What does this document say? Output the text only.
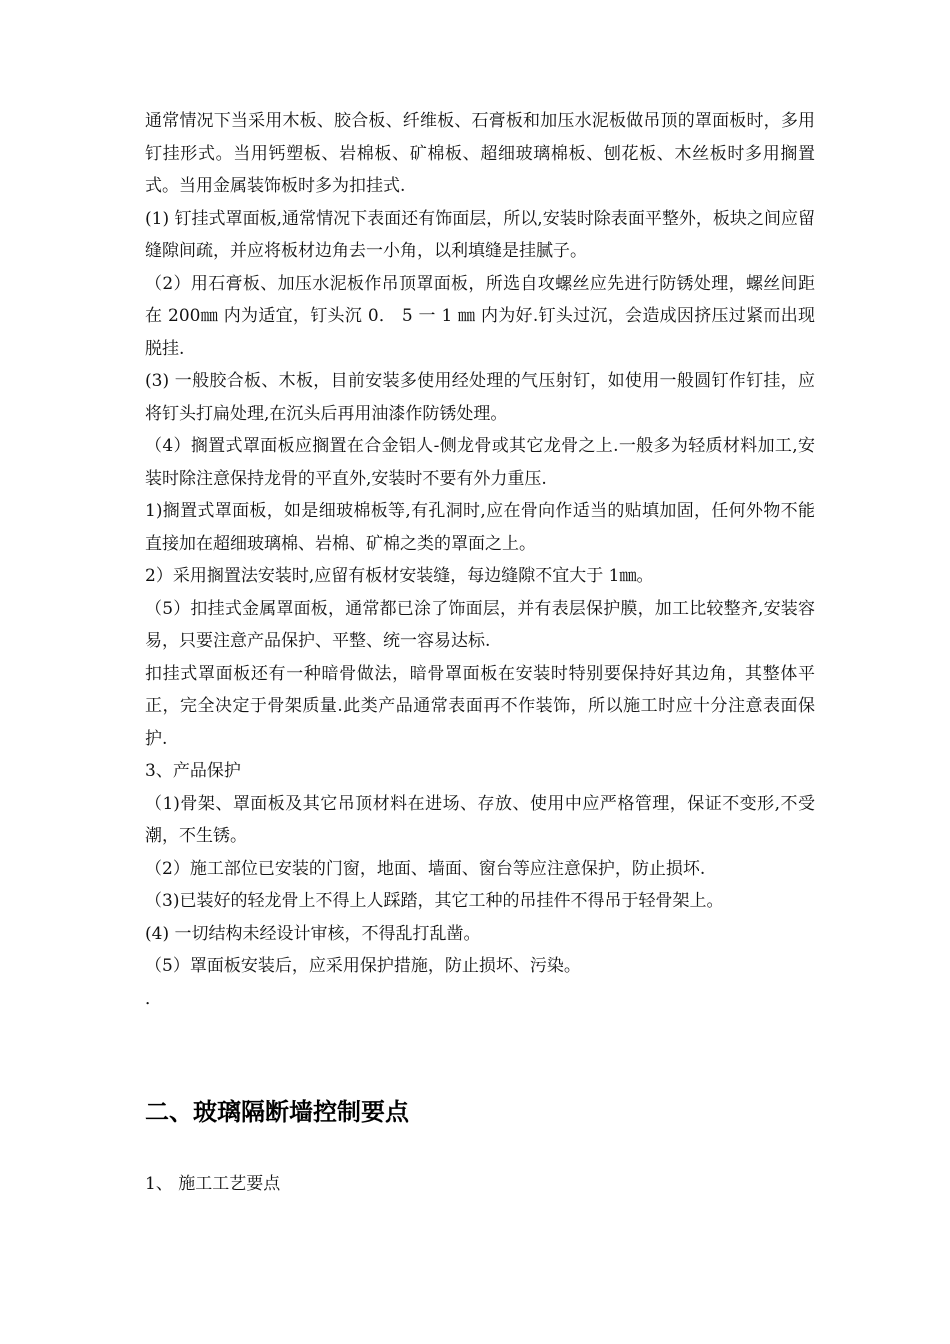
通常情况下当采用木板、胶合板、纤维板、石膏板和加压水泥板做吊顶的罩面板时，多用钉挂形式。当用钙塑板、岩棉板、矿棉板、超细玻璃棉板、刨花板、木丝板时多用搁置式。当用金属装饰板时多为扣挂式.

(1) 钉挂式罩面板,通常情况下表面还有饰面层，所以,安装时除表面平整外，板块之间应留缝隙间疏，并应将板材边角去一小角，以利填缝是挂腻子。

（2）用石膏板、加压水泥板作吊顶罩面板，所选自攻螺丝应先进行防锈处理，螺丝间距在 200㎜ 内为适宜，钉头沉 0． 5 一 1 ㎜ 内为好.钉头过沉，会造成因挤压过紧而出现脱挂.

(3) 一般胶合板、木板，目前安装多使用经处理的气压射钉，如使用一般圆钉作钉挂，应将钉头打扁处理,在沉头后再用油漆作防锈处理。

（4）搁置式罩面板应搁置在合金铝人-侧龙骨或其它龙骨之上.一般多为轻质材料加工,安装时除注意保持龙骨的平直外,安装时不要有外力重压.

1)搁置式罩面板，如是细玻棉板等,有孔洞时,应在骨向作适当的贴填加固，任何外物不能直接加在超细玻璃棉、岩棉、矿棉之类的罩面之上。

2）采用搁置法安装时,应留有板材安装缝，每边缝隙不宜大于 1㎜。

（5）扣挂式金属罩面板，通常都已涂了饰面层，并有表层保护膜，加工比较整齐,安装容易，只要注意产品保护、平整、统一容易达标.

扣挂式罩面板还有一种暗骨做法，暗骨罩面板在安装时特别要保持好其边角，其整体平正，完全决定于骨架质量.此类产品通常表面再不作装饰，所以施工时应十分注意表面保护.

3、产品保护

（1)骨架、罩面板及其它吊顶材料在进场、存放、使用中应严格管理，保证不变形,不受潮，不生锈。

（2）施工部位已安装的门窗，地面、墙面、窗台等应注意保护，防止损坏.

（3)已装好的轻龙骨上不得上人踩踏，其它工种的吊挂件不得吊于轻骨架上。

(4) 一切结构未经设计审核，不得乱打乱凿。

（5）罩面板安装后，应采用保护措施，防止损坏、污染。

．

二、玻璃隔断墙控制要点

1、 施工工艺要点
